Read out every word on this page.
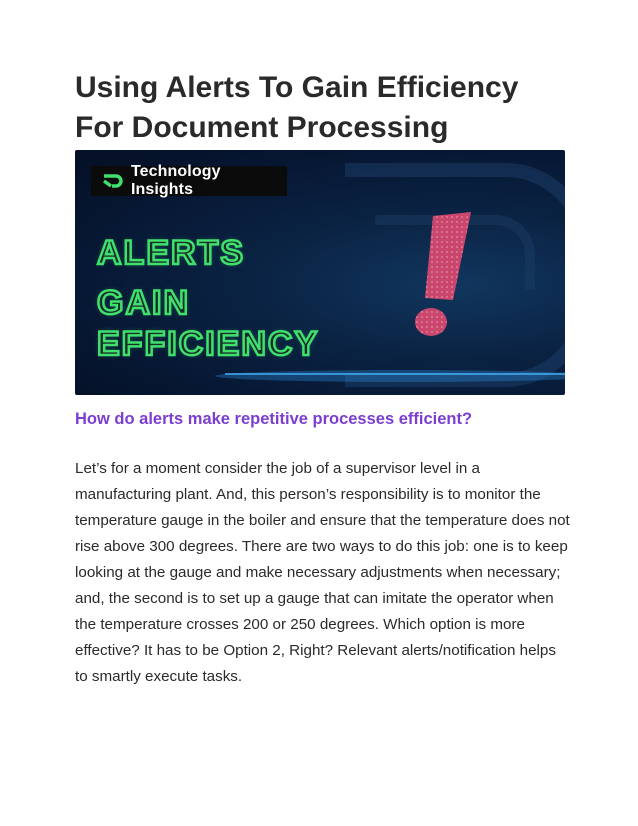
Using Alerts To Gain Efficiency For Document Processing
Technology Insights
ALERTS
GAIN
EFFICIENCY
How do alerts make repetitive processes efficient?

Let’s for a moment consider the job of a supervisor level in a manufacturing plant. And, this person’s responsibility is to monitor the temperature gauge in the boiler and ensure that the temperature does not rise above 300 degrees. There are two ways to do this job: one is to keep looking at the gauge and make necessary adjustments when necessary; and, the second is to set up a gauge that can imitate the operator when the temperature crosses 200 or 250 degrees. Which option is more effective? It has to be Option 2, Right? Relevant alerts/notification helps to smartly execute tasks.
